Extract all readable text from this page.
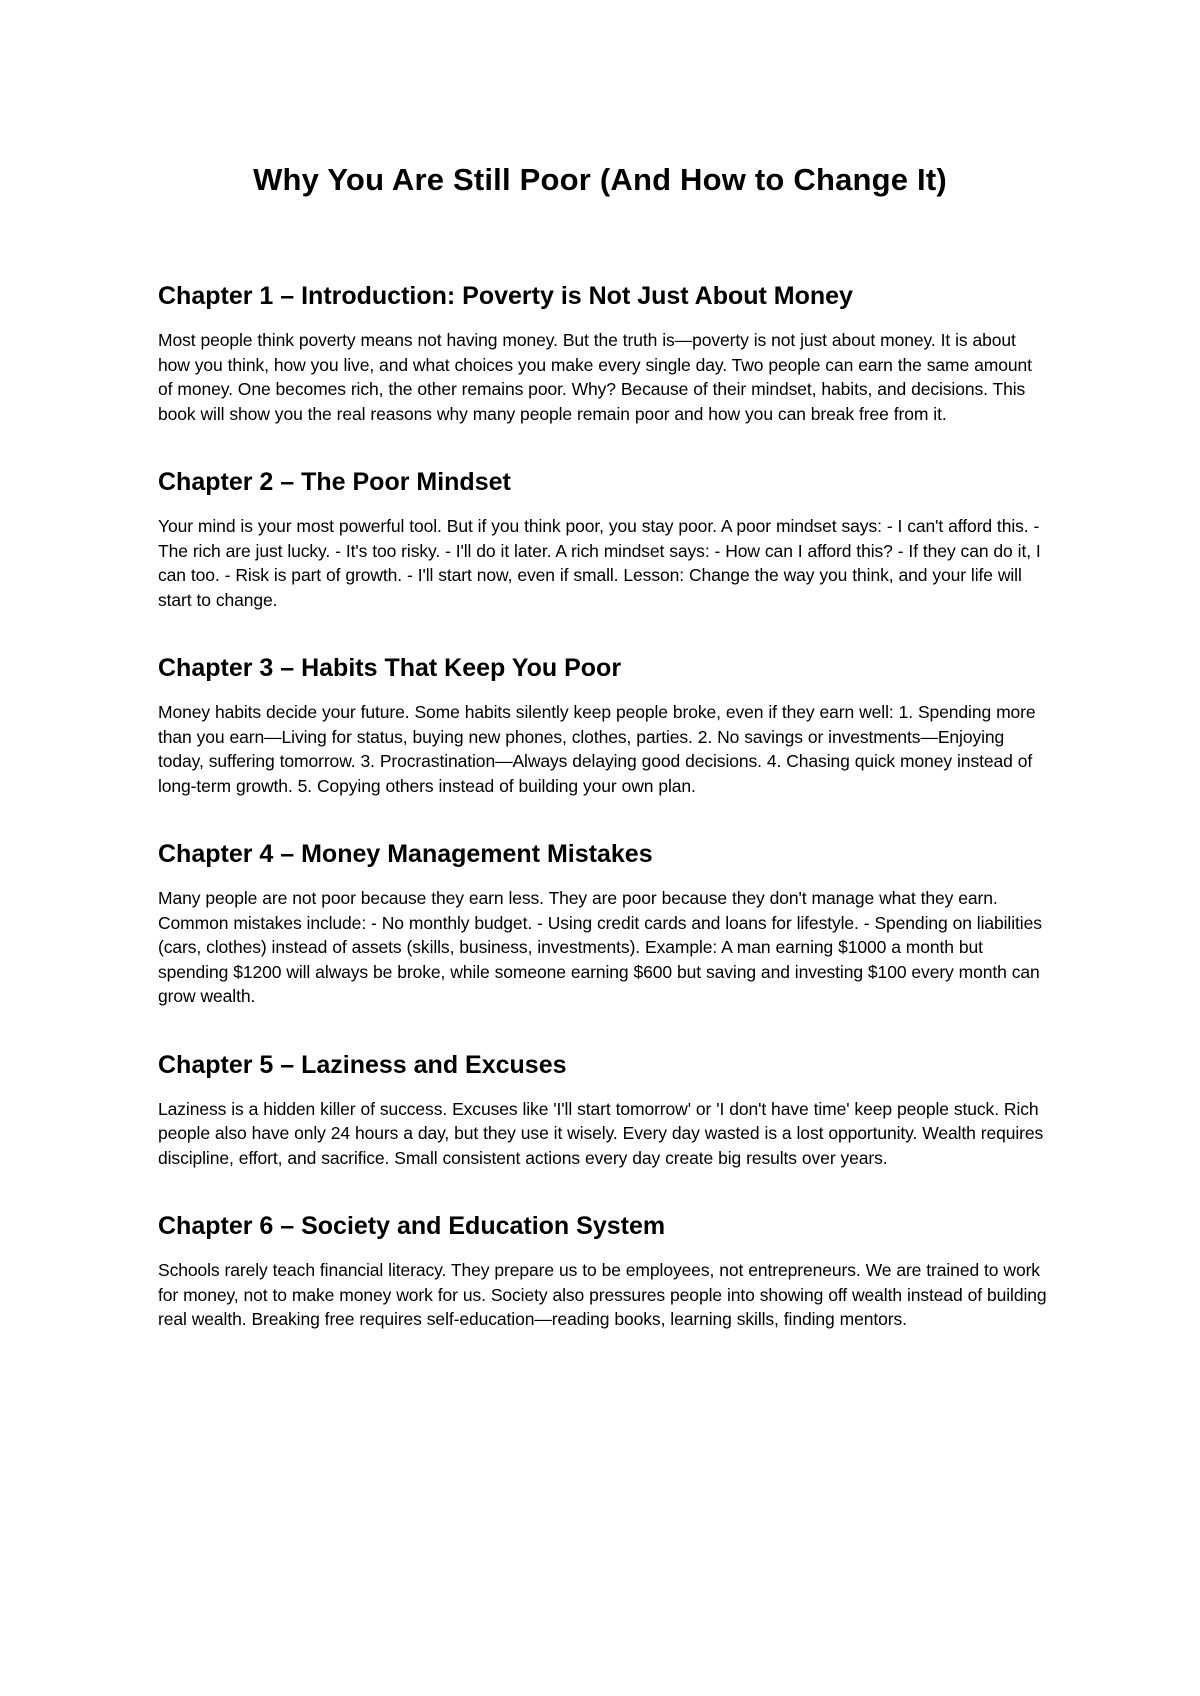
Why You Are Still Poor (And How to Change It)
Chapter 1 – Introduction: Poverty is Not Just About Money

Most people think poverty means not having money. But the truth is—poverty is not just about money. It is about how you think, how you live, and what choices you make every single day. Two people can earn the same amount of money. One becomes rich, the other remains poor. Why? Because of their mindset, habits, and decisions. This book will show you the real reasons why many people remain poor and how you can break free from it.

Chapter 2 – The Poor Mindset

Your mind is your most powerful tool. But if you think poor, you stay poor. A poor mindset says: - I can't afford this. - The rich are just lucky. - It's too risky. - I'll do it later. A rich mindset says: - How can I afford this? - If they can do it, I can too. - Risk is part of growth. - I'll start now, even if small. Lesson: Change the way you think, and your life will start to change.

Chapter 3 – Habits That Keep You Poor

Money habits decide your future. Some habits silently keep people broke, even if they earn well: 1. Spending more than you earn—Living for status, buying new phones, clothes, parties. 2. No savings or investments—Enjoying today, suffering tomorrow. 3. Procrastination—Always delaying good decisions. 4. Chasing quick money instead of long-term growth. 5. Copying others instead of building your own plan.

Chapter 4 – Money Management Mistakes

Many people are not poor because they earn less. They are poor because they don't manage what they earn. Common mistakes include: - No monthly budget. - Using credit cards and loans for lifestyle. - Spending on liabilities (cars, clothes) instead of assets (skills, business, investments). Example: A man earning $1000 a month but spending $1200 will always be broke, while someone earning $600 but saving and investing $100 every month can grow wealth.

Chapter 5 – Laziness and Excuses

Laziness is a hidden killer of success. Excuses like 'I'll start tomorrow' or 'I don't have time' keep people stuck. Rich people also have only 24 hours a day, but they use it wisely. Every day wasted is a lost opportunity. Wealth requires discipline, effort, and sacrifice. Small consistent actions every day create big results over years.

Chapter 6 – Society and Education System

Schools rarely teach financial literacy. They prepare us to be employees, not entrepreneurs. We are trained to work for money, not to make money work for us. Society also pressures people into showing off wealth instead of building real wealth. Breaking free requires self-education—reading books, learning skills, finding mentors.
